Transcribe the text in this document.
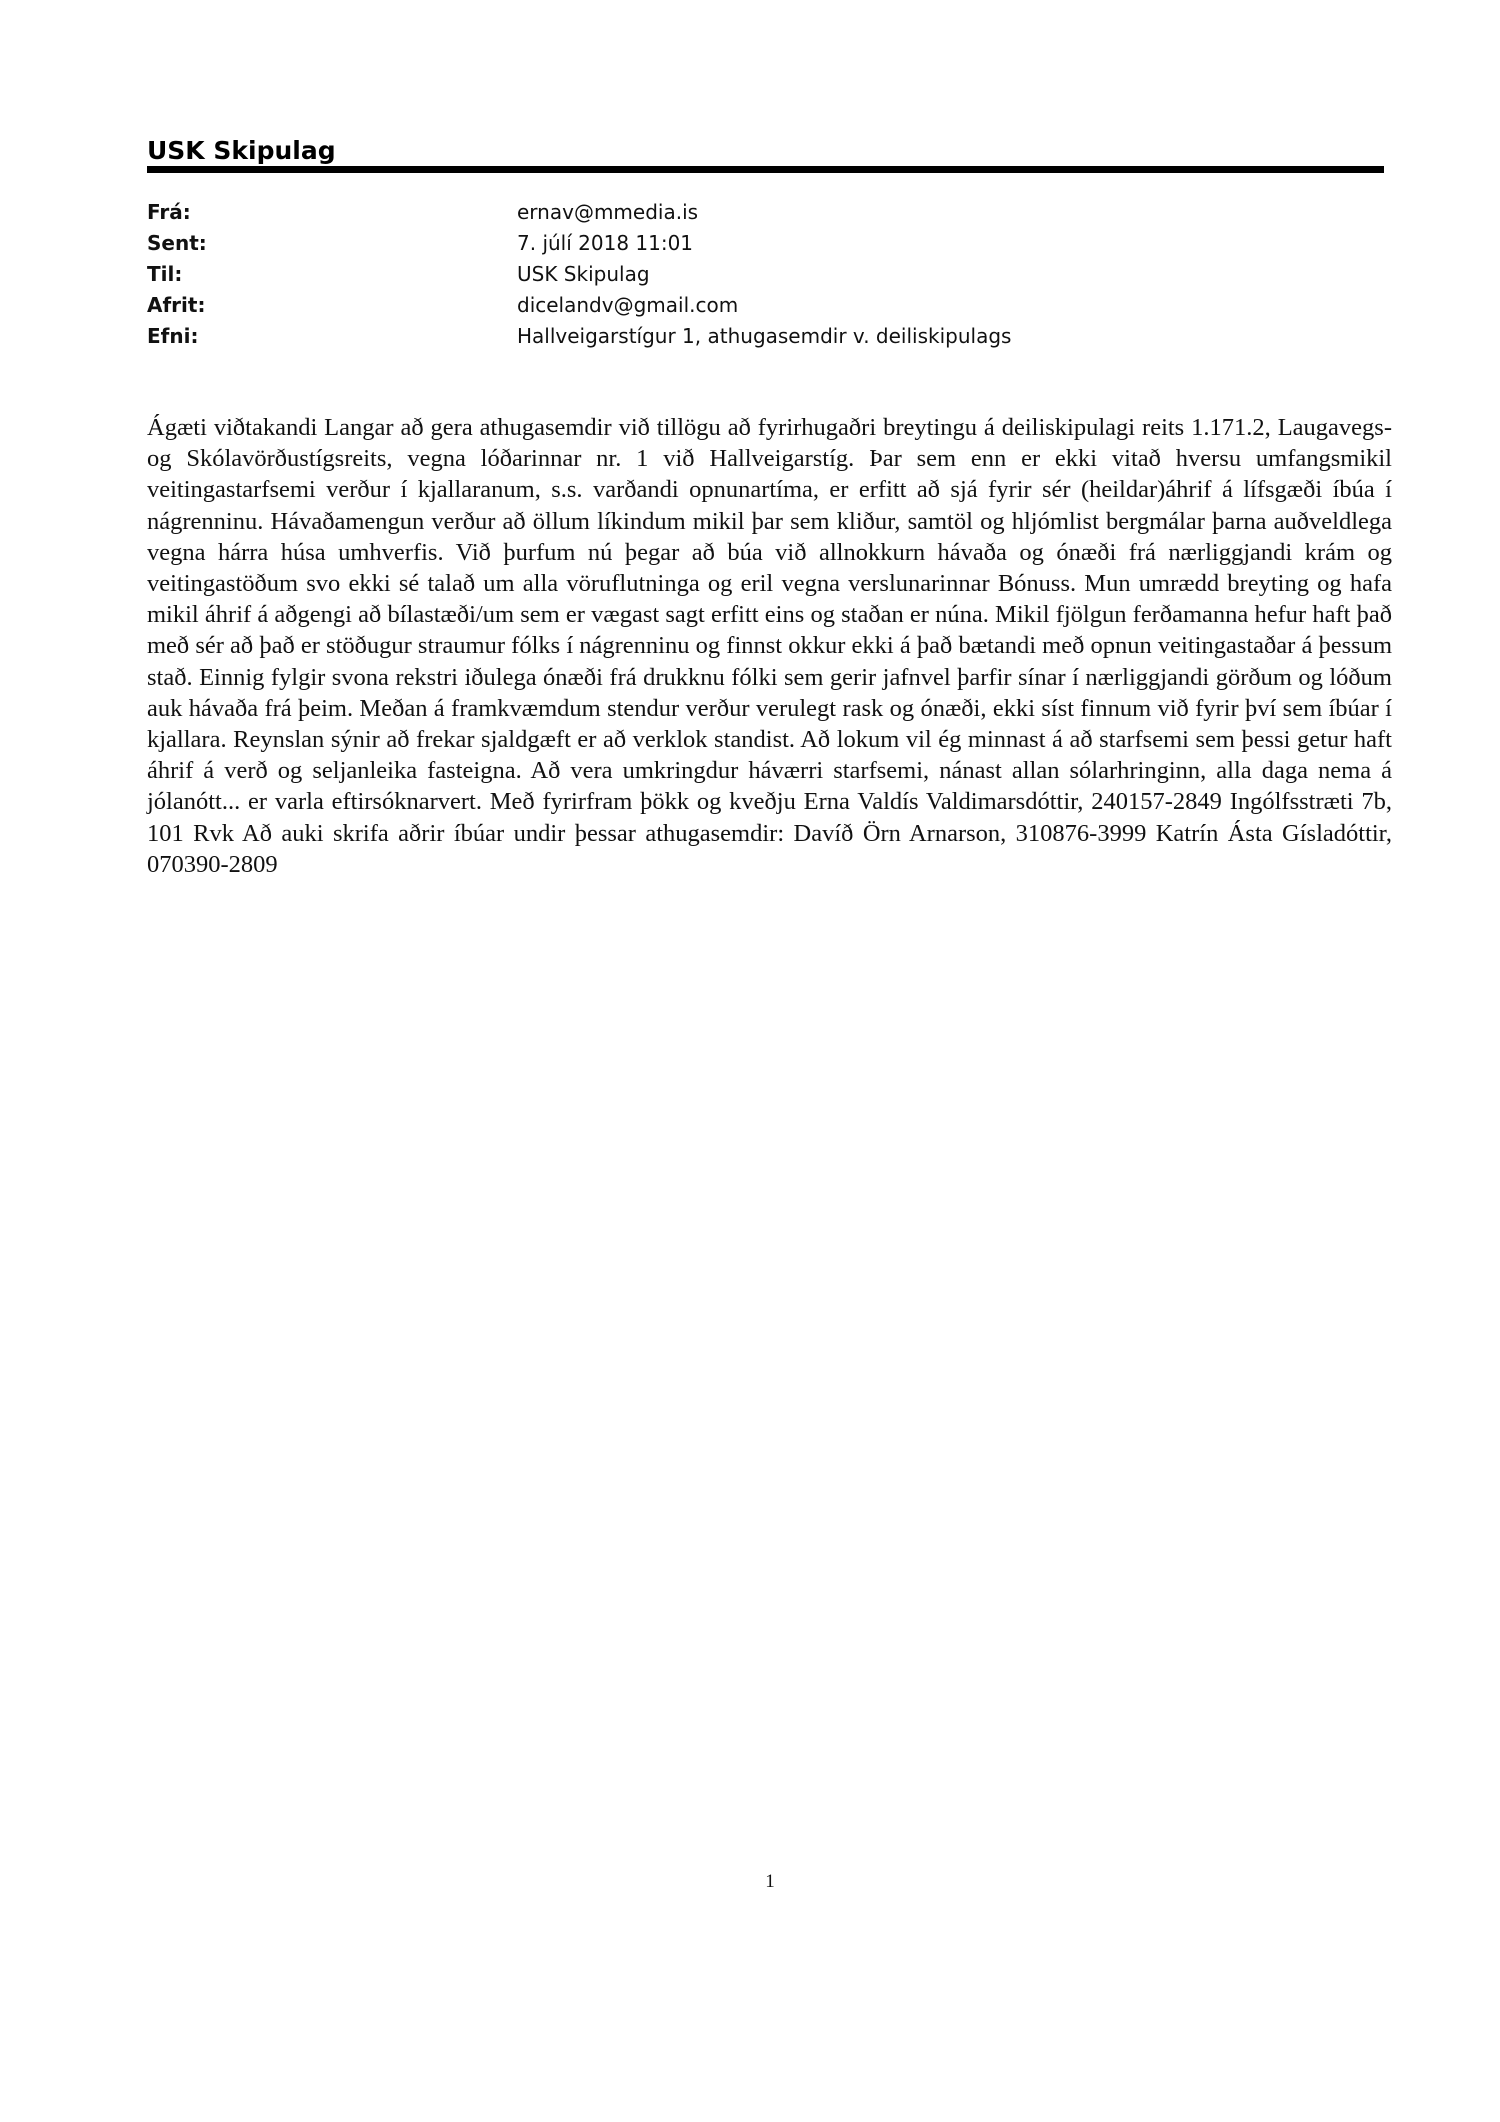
USK Skipulag
Frá:	ernav@mmedia.is
Sent:	7. júlí 2018 11:01
Til:	USK Skipulag
Afrit:	dicelandv@gmail.com
Efni:	Hallveigarstígur 1, athugasemdir v. deiliskipulags
Ágæti viðtakandi Langar að gera athugasemdir við tillögu að fyrirhugaðri breytingu á deiliskipulagi reits 1.171.2, Laugavegs- og Skólavörðustígsreits, vegna lóðarinnar nr. 1 við Hallveigarstíg. Þar sem enn er ekki vitað hversu umfangsmikil veitingastarfsemi verður í kjallaranum, s.s. varðandi opnunartíma, er erfitt að sjá fyrir sér (heildar)áhrif á lífsgæði íbúa í nágrenninu. Hávaðamengun verður að öllum líkindum mikil þar sem kliður, samtöl og hljómlist bergmálar þarna auðveldlega vegna hárra húsa umhverfis. Við þurfum nú þegar að búa við allnokkurn hávaða og ónæði frá nærliggjandi krám og veitingastöðum svo ekki sé talað um alla vöruflutninga og eril vegna verslunarinnar Bónuss. Mun umrædd breyting og hafa mikil áhrif á aðgengi að bílastæði/um sem er vægast sagt erfitt eins og staðan er núna. Mikil fjölgun ferðamanna hefur haft það með sér að það er stöðugur straumur fólks í nágrenninu og finnst okkur ekki á það bætandi með opnun veitingastaðar á þessum stað. Einnig fylgir svona rekstri iðulega ónæði frá drukknu fólki sem gerir jafnvel þarfir sínar í nærliggjandi görðum og lóðum auk hávaða frá þeim. Meðan á framkvæmdum stendur verður verulegt rask og ónæði, ekki síst finnum við fyrir því sem íbúar í kjallara. Reynslan sýnir að frekar sjaldgæft er að verklok standist. Að lokum vil ég minnast á að starfsemi sem þessi getur haft áhrif á verð og seljanleika fasteigna. Að vera umkringdur háværri starfsemi, nánast allan sólarhringinn, alla daga nema á jólanótt... er varla eftirsóknarvert. Með fyrirfram þökk og kveðju Erna Valdís Valdimarsdóttir, 240157-2849 Ingólfsstræti 7b, 101 Rvk Að auki skrifa aðrir íbúar undir þessar athugasemdir: Davíð Örn Arnarson, 310876-3999 Katrín Ásta Gísladóttir, 070390-2809
1
